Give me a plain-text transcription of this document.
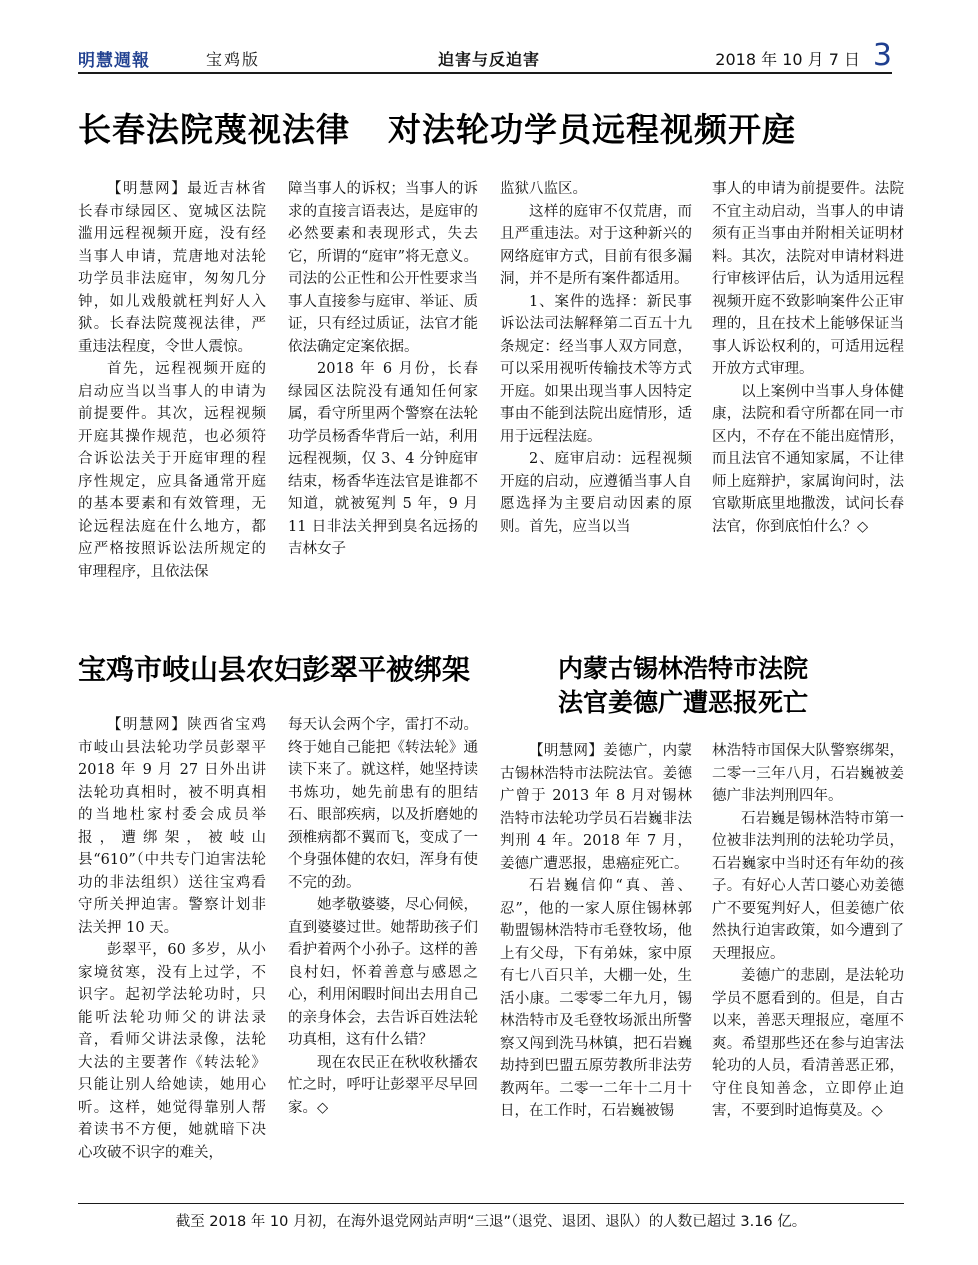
明慧週報	宝鸡版	迫害与反迫害	2018 年 10 月 7 日 3
长春法院蔑视法律 对法轮功学员远程视频开庭

【明慧网】最近吉林省长春市绿园区、宽城区法院滥用远程视频开庭，没有经当事人申请，荒唐地对法轮功学员非法庭审，匆匆几分钟，如儿戏般就枉判好人入狱。长春法院蔑视法律，严重违法程度，令世人震惊。

首先，远程视频开庭的启动应当以当事人的申请为前提要件。其次，远程视频开庭其操作规范，也必须符合诉讼法关于开庭审理的程序性规定，应具备通常开庭的基本要素和有效管理，无论远程法庭在什么地方，都应严格按照诉讼法所规定的审理程序，且依法保

障当事人的诉权；当事人的诉求的直接言语表达，是庭审的必然要素和表现形式，失去它，所谓的“庭审”将无意义。司法的公正性和公开性要求当事人直接参与庭审、举证、质证，只有经过质证，法官才能依法确定定案依据。

2018 年 6 月份，长春绿园区法院没有通知任何家属，看守所里两个警察在法轮功学员杨香华背后一站，利用远程视频，仅 3、4 分钟庭审结束，杨香华连法官是谁都不知道，就被冤判 5 年，9 月 11 日非法关押到臭名远扬的吉林女子

监狱八监区。

这样的庭审不仅荒唐，而且严重违法。对于这种新兴的网络庭审方式，目前有很多漏洞，并不是所有案件都适用。

1、案件的选择：新民事诉讼法司法解释第二百五十九条规定：经当事人双方同意，可以采用视听传输技术等方式开庭。如果出现当事人因特定事由不能到法院出庭情形，适用于远程法庭。

2、庭审启动：远程视频开庭的启动，应遵循当事人自愿选择为主要启动因素的原则。首先，应当以当

事人的申请为前提要件。法院不宜主动启动，当事人的申请须有正当事由并附相关证明材料。其次，法院对申请材料进行审核评估后，认为适用远程视频开庭不致影响案件公正审理的，且在技术上能够保证当事人诉讼权利的，可适用远程开放方式审理。

以上案例中当事人身体健康，法院和看守所都在同一市区内，不存在不能出庭情形，而且法官不通知家属，不让律师上庭辩护，家属询问时，法官歇斯底里地撒泼，试问长春法官，你到底怕什么？◇

宝鸡市岐山县农妇彭翠平被绑架

【明慧网】陕西省宝鸡市岐山县法轮功学员彭翠平 2018 年 9 月 27 日外出讲法轮功真相时，被不明真相的当地杜家村委会成员举报，遭绑架，被岐山县“610”（中共专门迫害法轮功的非法组织）送往宝鸡看守所关押迫害。警察计划非法关押 10 天。

彭翠平，60 多岁，从小家境贫寒，没有上过学，不识字。起初学法轮功时，只能听法轮功师父的讲法录音，看师父讲法录像，法轮大法的主要著作《转法轮》只能让别人给她读，她用心听。这样，她觉得靠别人帮着读书不方便，她就暗下决心攻破不识字的难关，

每天认会两个字，雷打不动。终于她自己能把《转法轮》通读下来了。就这样，她坚持读书炼功，她先前患有的胆结石、眼部疾病，以及折磨她的颈椎病都不翼而飞，变成了一个身强体健的农妇，浑身有使不完的劲。

她孝敬婆婆，尽心伺候，直到婆婆过世。她帮助孩子们看护着两个小孙子。这样的善良村妇，怀着善意与感恩之心，利用闲暇时间出去用自己的亲身体会，去告诉百姓法轮功真相，这有什么错？

现在农民正在秋收秋播农忙之时，呼吁让彭翠平尽早回家。◇

内蒙古锡林浩特市法院
法官姜德广遭恶报死亡

【明慧网】姜德广，内蒙古锡林浩特市法院法官。姜德广曾于 2013 年 8 月对锡林浩特市法轮功学员石岩巍非法判刑 4 年。2018 年 7 月，姜德广遭恶报，患癌症死亡。

石岩巍信仰“真、善、忍”，他的一家人原住锡林郭勒盟锡林浩特市毛登牧场，他上有父母，下有弟妹，家中原有七八百只羊，大棚一处，生活小康。二零零二年九月，锡林浩特市及毛登牧场派出所警察又闯到洗马林镇，把石岩巍劫持到巴盟五原劳教所非法劳教两年。二零一二年十二月十日，在工作时，石岩巍被锡

林浩特市国保大队警察绑架，二零一三年八月，石岩巍被姜德广非法判刑四年。

石岩巍是锡林浩特市第一位被非法判刑的法轮功学员，石岩巍家中当时还有年幼的孩子。有好心人苦口婆心劝姜德广不要冤判好人，但姜德广依然执行迫害政策，如今遭到了天理报应。

姜德广的悲剧，是法轮功学员不愿看到的。但是，自古以来，善恶天理报应，毫厘不爽。希望那些还在参与迫害法轮功的人员，看清善恶正邪，守住良知善念，立即停止迫害，不要到时追悔莫及。◇

截至 2018 年 10 月初，在海外退党网站声明“三退”（退党、退团、退队）的人数已超过 3.16 亿。
